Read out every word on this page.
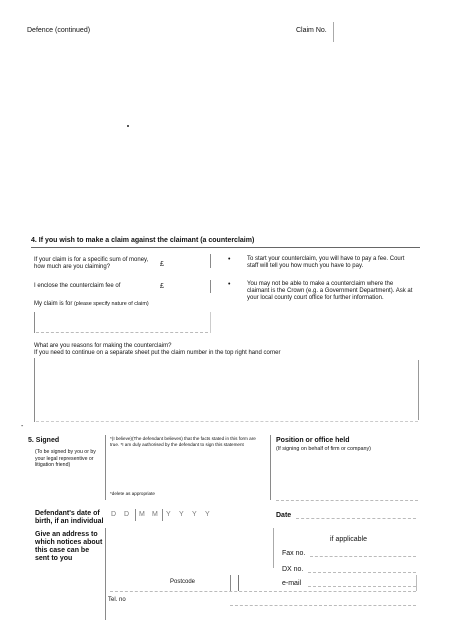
Defence (continued)	Claim No.
4. If you wish to make a claim against the claimant (a counterclaim)
If your claim is for a specific sum of money, how much are you claiming?	£
I enclose the counterclaim fee of	£
My claim is for (please specify nature of claim)
•	To start your counterclaim, you will have to pay a fee. Court staff will tell you how much you have to pay.
•	You may not be able to make a counterclaim where the claimant is the Crown (e.g. a Government Department). Ask at your local county court office for further information.
What are you reasons for making the counterclaim?
If you need to continue on a separate sheet put the claim number in the top right hand corner
-
5. Signed
(To be signed by you or by your legal representive or litigation friend)
*(I believe)(The defendant believes) that the facts stated in this form are true. *I am duly authorised by the defendant to sign this statement
*delete as appropriate
Position or office held
(If signing on behalf of firm or company)
Defendant's date of birth, if an individual
D D M M Y Y Y Y	Date
Give an address to which notices about this case can be sent to you
if applicable
Fax no.
DX no.
e-mail
Postcode
Tel. no
